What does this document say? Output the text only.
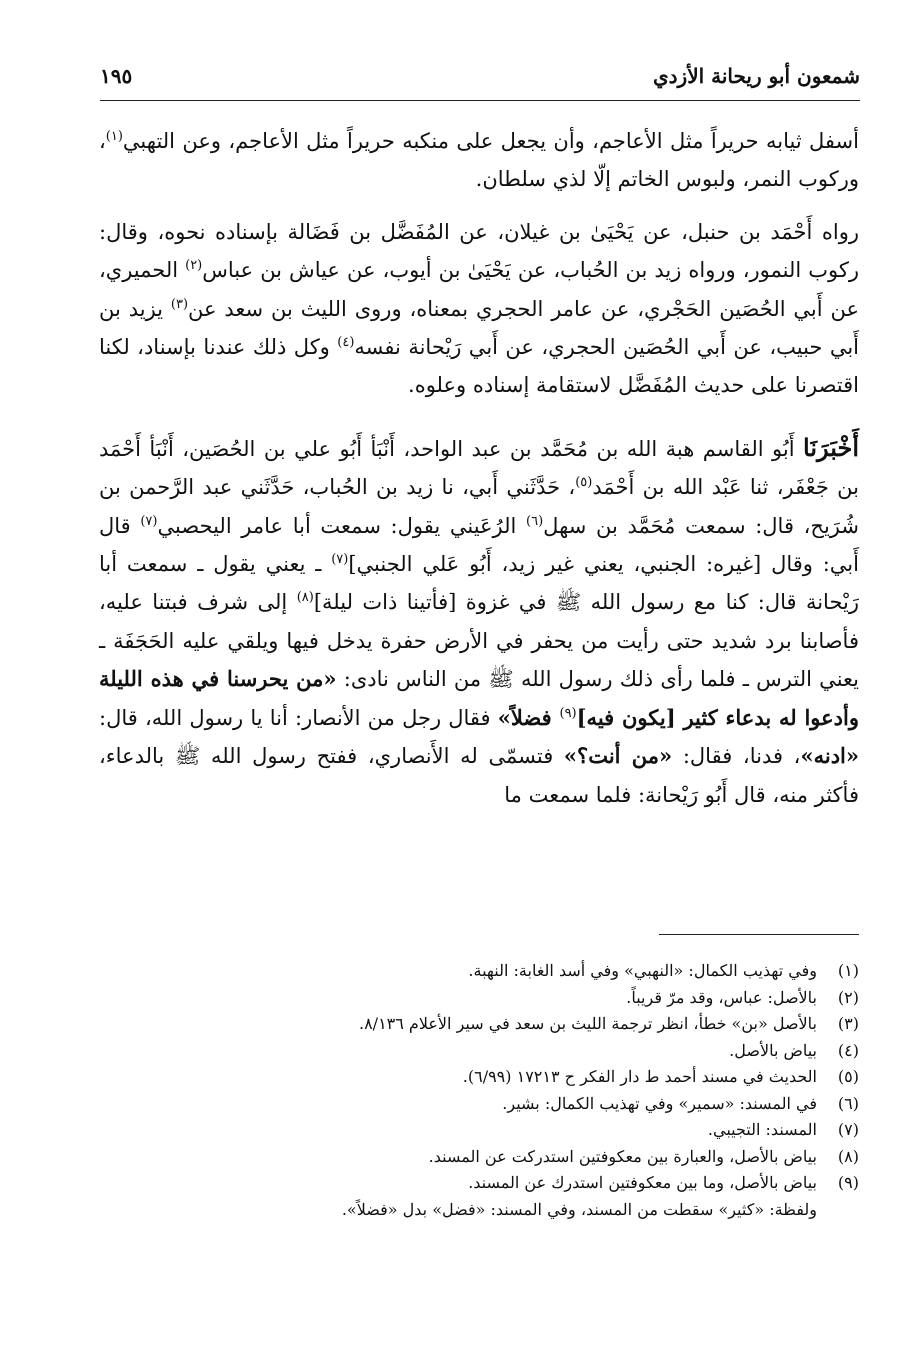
شمعون أبو ريحانة الأزدي
١٩٥

أسفل ثيابه حريراً مثل الأعاجم، وأن يجعل على منكبه حريراً مثل الأعاجم، وعن التهبي$^{(١)}$، وركوب النمر، ولبوس الخاتم إلّا لذي سلطان.

رواه أَحْمَد بن حنبل، عن يَحْيَىٰ بن غيلان، عن المُفَضَّل بن فَضَالة بإسناده نحوه، وقال: ركوب النمور، ورواه زيد بن الحُباب، عن يَحْيَىٰ بن أيوب، عن عياش بن عباس$^{(٢)}$ الحميري، عن أَبي الحُصَين الحَجْري، عن عامر الحجري بمعناه، وروى الليث بن سعد عن$^{(٣)}$ يزيد بن أَبي حبيب، عن أَبي الحُصَين الحجري، عن أَبي رَيْحانة نفسه$^{(٤)}$ وكل ذلك عندنا بإسناد، لكنا اقتصرنا على حديث المُفَضَّل لاستقامة إسناده وعلوه.

أَخْبَرَنَا أَبُو القاسم هبة الله بن مُحَمَّد بن عبد الواحد، أَنْبَأ أَبُو علي بن الحُصَين، أَنْبَأ أَحْمَد بن جَعْفَر، ثنا عَبْد الله بن أَحْمَد$^{(٥)}$، حَدَّثَني أَبي، نا زيد بن الحُباب، حَدَّثَني عبد الرَّحمن بن شُرَيح، قال: سمعت مُحَمَّد بن سهل$^{(٦)}$ الرُعَيني يقول: سمعت أبا عامر اليحصبي$^{(٧)}$ قال أَبي: وقال [غيره: الجنبي، يعني غير زيد، أَبُو عَلي الجنبي]$^{(٧)}$ ـ يعني يقول ـ سمعت أبا رَيْحانة قال: كنا مع رسول الله ﷺ في غزوة [فأتينا ذات ليلة]$^{(٨)}$ إلى شرف فبتنا عليه، فأصابنا برد شديد حتى رأيت من يحفر في الأرض حفرة يدخل فيها ويلقي عليه الحَجَفَة ـ يعني الترس ـ فلما رأى ذلك رسول الله ﷺ من الناس نادى: «من يحرسنا في هذه الليلة وأدعوا له بدعاء كثير [يكون فيه]$^{(٩)}$ فضلاً» فقال رجل من الأنصار: أنا يا رسول الله، قال: «ادنه»، فدنا، فقال: «من أنت؟» فتسمّى له الأَنصاري، ففتح رسول الله ﷺ بالدعاء، فأكثر منه، قال أَبُو رَيْحانة: فلما سمعت ما

(١)
وفي تهذيب الكمال: «النهبي» وفي أسد الغابة: النهبة.
(٢)
بالأصل: عباس، وقد مرّ قريباً.
(٣)
بالأصل «بن» خطأ، انظر ترجمة الليث بن سعد في سير الأعلام ٨/١٣٦.
(٤)
بياض بالأصل.
(٥)
الحديث في مسند أحمد ط دار الفكر ح ١٧٢١٣ (٦/٩٩).
(٦)
في المسند: «سمير» وفي تهذيب الكمال: بشير.
(٧)
المسند: التجيبي.
(٨)
بياض بالأصل، والعبارة بين معكوفتين استدركت عن المسند.
(٩)
بياض بالأصل، وما بين معكوفتين استدرك عن المسند.
ولفظة: «كثير» سقطت من المسند، وفي المسند: «فضل» بدل «فضلاً».
